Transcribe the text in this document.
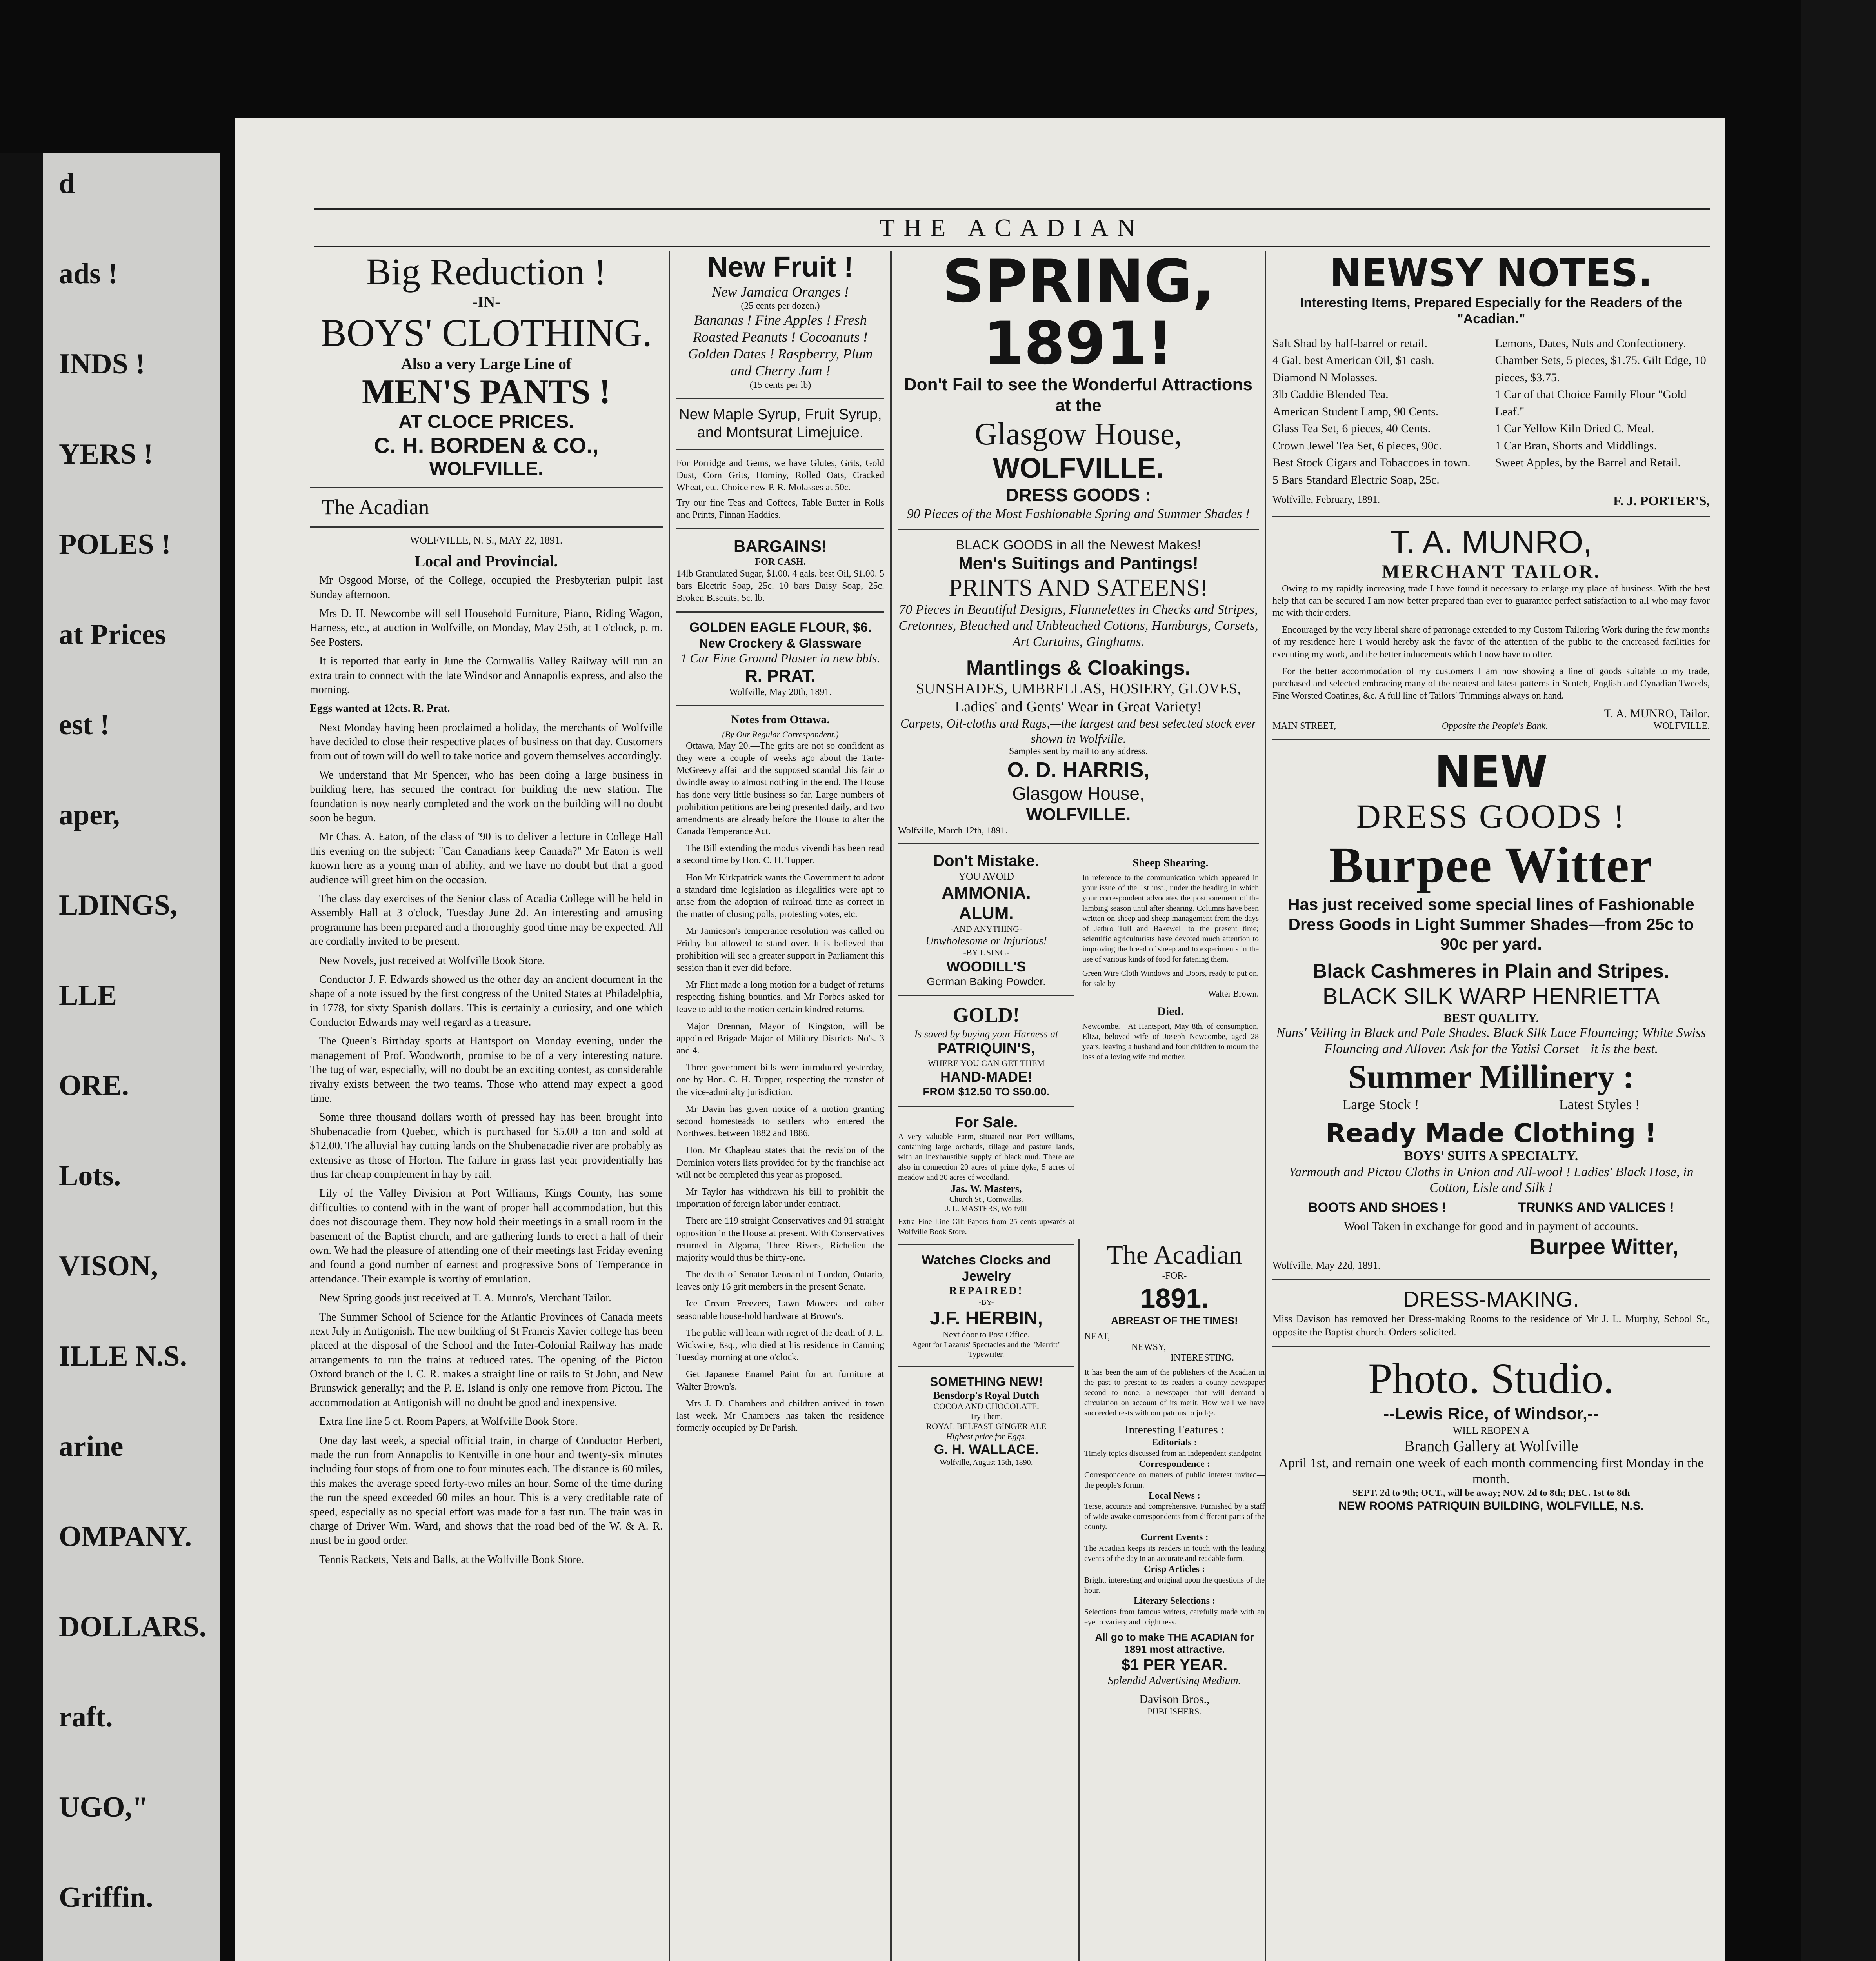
d
ads !
INDS !
YERS !
POLES !
at Prices
est !
aper,
LDINGS,
LLE
ORE.
Lots.
VISON,
ILLE N.S.
arine
OMPANY.
DOLLARS.
raft.
UGO,"
Griffin.
THE ACADIAN
Big Reduction !
-IN-
BOYS' CLOTHING.
Also a very Large Line of
MEN'S PANTS !
AT CLOCE PRICES.
C. H. BORDEN & CO.,
WOLFVILLE.
The Acadian
WOLFVILLE, N. S., MAY 22, 1891.
Local and Provincial.

Mr Osgood Morse, of the College, occupied the Presbyterian pulpit last Sunday afternoon.

Mrs D. H. Newcombe will sell Household Furniture, Piano, Riding Wagon, Harness, etc., at auction in Wolfville, on Monday, May 25th, at 1 o'clock, p. m. See Posters.

It is reported that early in June the Cornwallis Valley Railway will run an extra train to connect with the late Windsor and Annapolis express, and also the morning.

Eggs wanted at 12cts. R. Prat.

Next Monday having been proclaimed a holiday, the merchants of Wolfville have decided to close their respective places of business on that day. Customers from out of town will do well to take notice and govern themselves accordingly.

We understand that Mr Spencer, who has been doing a large business in building here, has secured the contract for building the new station. The foundation is now nearly completed and the work on the building will no doubt soon be begun.

Mr Chas. A. Eaton, of the class of '90 is to deliver a lecture in College Hall this evening on the subject: "Can Canadians keep Canada?" Mr Eaton is well known here as a young man of ability, and we have no doubt but that a good audience will greet him on the occasion.

The class day exercises of the Senior class of Acadia College will be held in Assembly Hall at 3 o'clock, Tuesday June 2d. An interesting and amusing programme has been prepared and a thoroughly good time may be expected. All are cordially invited to be present.

New Novels, just received at Wolfville Book Store.

Conductor J. F. Edwards showed us the other day an ancient document in the shape of a note issued by the first congress of the United States at Philadelphia, in 1778, for sixty Spanish dollars. This is certainly a curiosity, and one which Conductor Edwards may well regard as a treasure.

The Queen's Birthday sports at Hantsport on Monday evening, under the management of Prof. Woodworth, promise to be of a very interesting nature. The tug of war, especially, will no doubt be an exciting contest, as considerable rivalry exists between the two teams. Those who attend may expect a good time.

Some three thousand dollars worth of pressed hay has been brought into Shubenacadie from Quebec, which is purchased for $5.00 a ton and sold at $12.00. The alluvial hay cutting lands on the Shubenacadie river are probably as extensive as those of Horton. The failure in grass last year providentially has thus far cheap complement in hay by rail.

Lily of the Valley Division at Port Williams, Kings County, has some difficulties to contend with in the want of proper hall accommodation, but this does not discourage them. They now hold their meetings in a small room in the basement of the Baptist church, and are gathering funds to erect a hall of their own. We had the pleasure of attending one of their meetings last Friday evening and found a good number of earnest and progressive Sons of Temperance in attendance. Their example is worthy of emulation.

New Spring goods just received at T. A. Munro's, Merchant Tailor.

The Summer School of Science for the Atlantic Provinces of Canada meets next July in Antigonish. The new building of St Francis Xavier college has been placed at the disposal of the School and the Inter-Colonial Railway has made arrangements to run the trains at reduced rates. The opening of the Pictou Oxford branch of the I. C. R. makes a straight line of rails to St John, and New Brunswick generally; and the P. E. Island is only one remove from Pictou. The accommodation at Antigonish will no doubt be good and inexpensive.

Extra fine line 5 ct. Room Papers, at Wolfville Book Store.

One day last week, a special official train, in charge of Conductor Herbert, made the run from Annapolis to Kentville in one hour and twenty-six minutes including four stops of from one to four minutes each. The distance is 60 miles, this makes the average speed forty-two miles an hour. Some of the time during the run the speed exceeded 60 miles an hour. This is a very creditable rate of speed, especially as no special effort was made for a fast run. The train was in charge of Driver Wm. Ward, and shows that the road bed of the W. & A. R. must be in good order.

Tennis Rackets, Nets and Balls, at the Wolfville Book Store.

New Fruit !
New Jamaica Oranges !
(25 cents per dozen.)
Bananas ! Fine Apples ! Fresh Roasted Peanuts ! Cocoanuts ! Golden Dates ! Raspberry, Plum and Cherry Jam !
(15 cents per lb)
New Maple Syrup, Fruit Syrup, and Montsurat Limejuice.
For Porridge and Gems, we have Glutes, Grits, Gold Dust, Corn Grits, Hominy, Rolled Oats, Cracked Wheat, etc. Choice new P. R. Molasses at 50c.
Try our fine Teas and Coffees, Table Butter in Rolls and Prints, Finnan Haddies.
BARGAINS!
FOR CASH.
14lb Granulated Sugar, $1.00. 4 gals. best Oil, $1.00. 5 bars Electric Soap, 25c. 10 bars Daisy Soap, 25c. Broken Biscuits, 5c. lb.
GOLDEN EAGLE FLOUR, $6.
New Crockery & Glassware
1 Car Fine Ground Plaster in new bbls.
R. PRAT.
Wolfville, May 20th, 1891.
Notes from Ottawa.
(By Our Regular Correspondent.)

Ottawa, May 20.—The grits are not so confident as they were a couple of weeks ago about the Tarte-McGreevy affair and the supposed scandal this fair to dwindle away to almost nothing in the end. The House has done very little business so far. Large numbers of prohibition petitions are being presented daily, and two amendments are already before the House to alter the Canada Temperance Act.

The Bill extending the modus vivendi has been read a second time by Hon. C. H. Tupper.

Hon Mr Kirkpatrick wants the Government to adopt a standard time legislation as illegalities were apt to arise from the adoption of railroad time as correct in the matter of closing polls, protesting votes, etc.

Mr Jamieson's temperance resolution was called on Friday but allowed to stand over. It is believed that prohibition will see a greater support in Parliament this session than it ever did before.

Mr Flint made a long motion for a budget of returns respecting fishing bounties, and Mr Forbes asked for leave to add to the motion certain kindred returns.

Major Drennan, Mayor of Kingston, will be appointed Brigade-Major of Military Districts No's. 3 and 4.

Three government bills were introduced yesterday, one by Hon. C. H. Tupper, respecting the transfer of the vice-admiralty jurisdiction.

Mr Davin has given notice of a motion granting second homesteads to settlers who entered the Northwest between 1882 and 1886.

Hon. Mr Chapleau states that the revision of the Dominion voters lists provided for by the franchise act will not be completed this year as proposed.

Mr Taylor has withdrawn his bill to prohibit the importation of foreign labor under contract.

There are 119 straight Conservatives and 91 straight opposition in the House at present. With Conservatives returned in Algoma, Three Rivers, Richelieu the majority would thus be thirty-one.

The death of Senator Leonard of London, Ontario, leaves only 16 grit members in the present Senate.

Ice Cream Freezers, Lawn Mowers and other seasonable house-hold hardware at Brown's.

The public will learn with regret of the death of J. L. Wickwire, Esq., who died at his residence in Canning Tuesday morning at one o'clock.

Get Japanese Enamel Paint for art furniture at Walter Brown's.

Mrs J. D. Chambers and children arrived in town last week. Mr Chambers has taken the residence formerly occupied by Dr Parish.

SPRING, 1891!
Don't Fail to see the Wonderful Attractions at the
Glasgow House,
WOLFVILLE.
DRESS GOODS :
90 Pieces of the Most Fashionable Spring and Summer Shades !
BLACK GOODS in all the Newest Makes!
Men's Suitings and Pantings!
PRINTS AND SATEENS!
70 Pieces in Beautiful Designs, Flannelettes in Checks and Stripes, Cretonnes, Bleached and Unbleached Cottons, Hamburgs, Corsets, Art Curtains, Ginghams.
Mantlings & Cloakings.
SUNSHADES, UMBRELLAS, HOSIERY, GLOVES,
Ladies' and Gents' Wear in Great Variety!
Carpets, Oil-cloths and Rugs,—the largest and best selected stock ever shown in Wolfville.
Samples sent by mail to any address.
O. D. HARRIS,
Glasgow House,
WOLFVILLE.
Wolfville, March 12th, 1891.
Don't Mistake.
YOU AVOID
AMMONIA.
ALUM.
-AND ANYTHING-
Unwholesome or Injurious!
-BY USING-
WOODILL'S
German Baking Powder.
GOLD!
Is saved by buying your Harness at
PATRIQUIN'S,
WHERE YOU CAN GET THEM
HAND-MADE!
FROM $12.50 TO $50.00.
For Sale.
A very valuable Farm, situated near Port Williams, containing large orchards, tillage and pasture lands, with an inexhaustible supply of black mud. There are also in connection 20 acres of prime dyke, 5 acres of meadow and 30 acres of woodland.
Jas. W. Masters,
Church St., Cornwallis.
J. L. MASTERS, Wolfvill
Extra Fine Line Gilt Papers from 25 cents upwards at Wolfville Book Store.
Watches Clocks and Jewelry
REPAIRED!
-BY-
J.F. HERBIN,
Next door to Post Office.
Agent for Lazarus' Spectacles and the "Merritt" Typewriter.
SOMETHING NEW!
Bensdorp's Royal Dutch
COCOA AND CHOCOLATE.
Try Them.
ROYAL BELFAST GINGER ALE
Highest price for Eggs.
G. H. WALLACE.
Wolfville, August 15th, 1890.
Sheep Shearing.
In reference to the communication which appeared in your issue of the 1st inst., under the heading in which your correspondent advocates the postponement of the lambing season until after shearing. Columns have been written on sheep and sheep management from the days of Jethro Tull and Bakewell to the present time; scientific agriculturists have devoted much attention to improving the breed of sheep and to experiments in the use of various kinds of food for fatening them.
Green Wire Cloth Windows and Doors, ready to put on, for sale by
Walter Brown.
Died.
Newcombe.—At Hantsport, May 8th, of consumption, Eliza, beloved wife of Joseph Newcombe, aged 28 years, leaving a husband and four children to mourn the loss of a loving wife and mother.
The Acadian
-FOR-
1891.
ABREAST OF THE TIMES!
NEAT,
NEWSY,
INTERESTING.
It has been the aim of the publishers of the Acadian in the past to present to its readers a county newspaper second to none, a newspaper that will demand a circulation on account of its merit. How well we have succeeded rests with our patrons to judge.
Interesting Features :
Editorials :
Timely topics discussed from an independent standpoint.
Correspondence :
Correspondence on matters of public interest invited—the people's forum.
Local News :
Terse, accurate and comprehensive. Furnished by a staff of wide-awake correspondents from different parts of the county.
Current Events :
The Acadian keeps its readers in touch with the leading events of the day in an accurate and readable form.
Crisp Articles :
Bright, interesting and original upon the questions of the hour.
Literary Selections :
Selections from famous writers, carefully made with an eye to variety and brightness.
All go to make THE ACADIAN for 1891 most attractive.
$1 PER YEAR.
Splendid Advertising Medium.
Davison Bros.,
PUBLISHERS.
NEWSY NOTES.
Interesting Items, Prepared Especially for the Readers of the "Acadian."
Salt Shad by half-barrel or retail.
4 Gal. best American Oil, $1 cash.
Diamond N Molasses.
3lb Caddie Blended Tea.
American Student Lamp, 90 Cents.
Glass Tea Set, 6 pieces, 40 Cents.
Crown Jewel Tea Set, 6 pieces, 90c.
Best Stock Cigars and Tobaccoes in town.
5 Bars Standard Electric Soap, 25c.
Lemons, Dates, Nuts and Confectionery.
Chamber Sets, 5 pieces, $1.75. Gilt Edge, 10 pieces, $3.75.
1 Car of that Choice Family Flour "Gold Leaf."
1 Car Yellow Kiln Dried C. Meal.
1 Car Bran, Shorts and Middlings.
Sweet Apples, by the Barrel and Retail.
Wolfville, February, 1891.	F. J. PORTER'S,
T. A. MUNRO,
MERCHANT TAILOR.

Owing to my rapidly increasing trade I have found it necessary to enlarge my place of business. With the best help that can be secured I am now better prepared than ever to guarantee perfect satisfaction to all who may favor me with their orders.

Encouraged by the very liberal share of patronage extended to my Custom Tailoring Work during the few months of my residence here I would hereby ask the favor of the attention of the public to the encreased facilities for executing my work, and the better inducements which I now have to offer.

For the better accommodation of my customers I am now showing a line of goods suitable to my trade, purchased and selected embracing many of the neatest and latest patterns in Scotch, English and Cynadian Tweeds, Fine Worsted Coatings, &c. A full line of Tailors' Trimmings always on hand.

T. A. MUNRO, Tailor.
MAIN STREET,	Opposite the People's Bank.	WOLFVILLE.
NEW
DRESS GOODS !
Burpee Witter
Has just received some special lines of Fashionable Dress Goods in Light Summer Shades—from 25c to 90c per yard.
Black Cashmeres in Plain and Stripes.
BLACK SILK WARP HENRIETTA
BEST QUALITY.
Nuns' Veiling in Black and Pale Shades. Black Silk Lace Flouncing; White Swiss Flouncing and Allover. Ask for the Yatisi Corset—it is the best.
Summer Millinery :
Large Stock !	Latest Styles !
Ready Made Clothing !
BOYS' SUITS A SPECIALTY.
Yarmouth and Pictou Cloths in Union and All-wool ! Ladies' Black Hose, in Cotton, Lisle and Silk !
BOOTS AND SHOES !	TRUNKS AND VALICES !
Wool Taken in exchange for good and in payment of accounts.
Burpee Witter,
Wolfville, May 22d, 1891.
DRESS-MAKING.
Miss Davison has removed her Dress-making Rooms to the residence of Mr J. L. Murphy, School St., opposite the Baptist church. Orders solicited.
Photo. Studio.
--Lewis Rice, of Windsor,--
WILL REOPEN A
Branch Gallery at Wolfville
April 1st, and remain one week of each month commencing first Monday in the month.
SEPT. 2d to 9th; OCT., will be away; NOV. 2d to 8th; DEC. 1st to 8th
NEW ROOMS PATRIQUIN BUILDING, WOLFVILLE, N.S.
